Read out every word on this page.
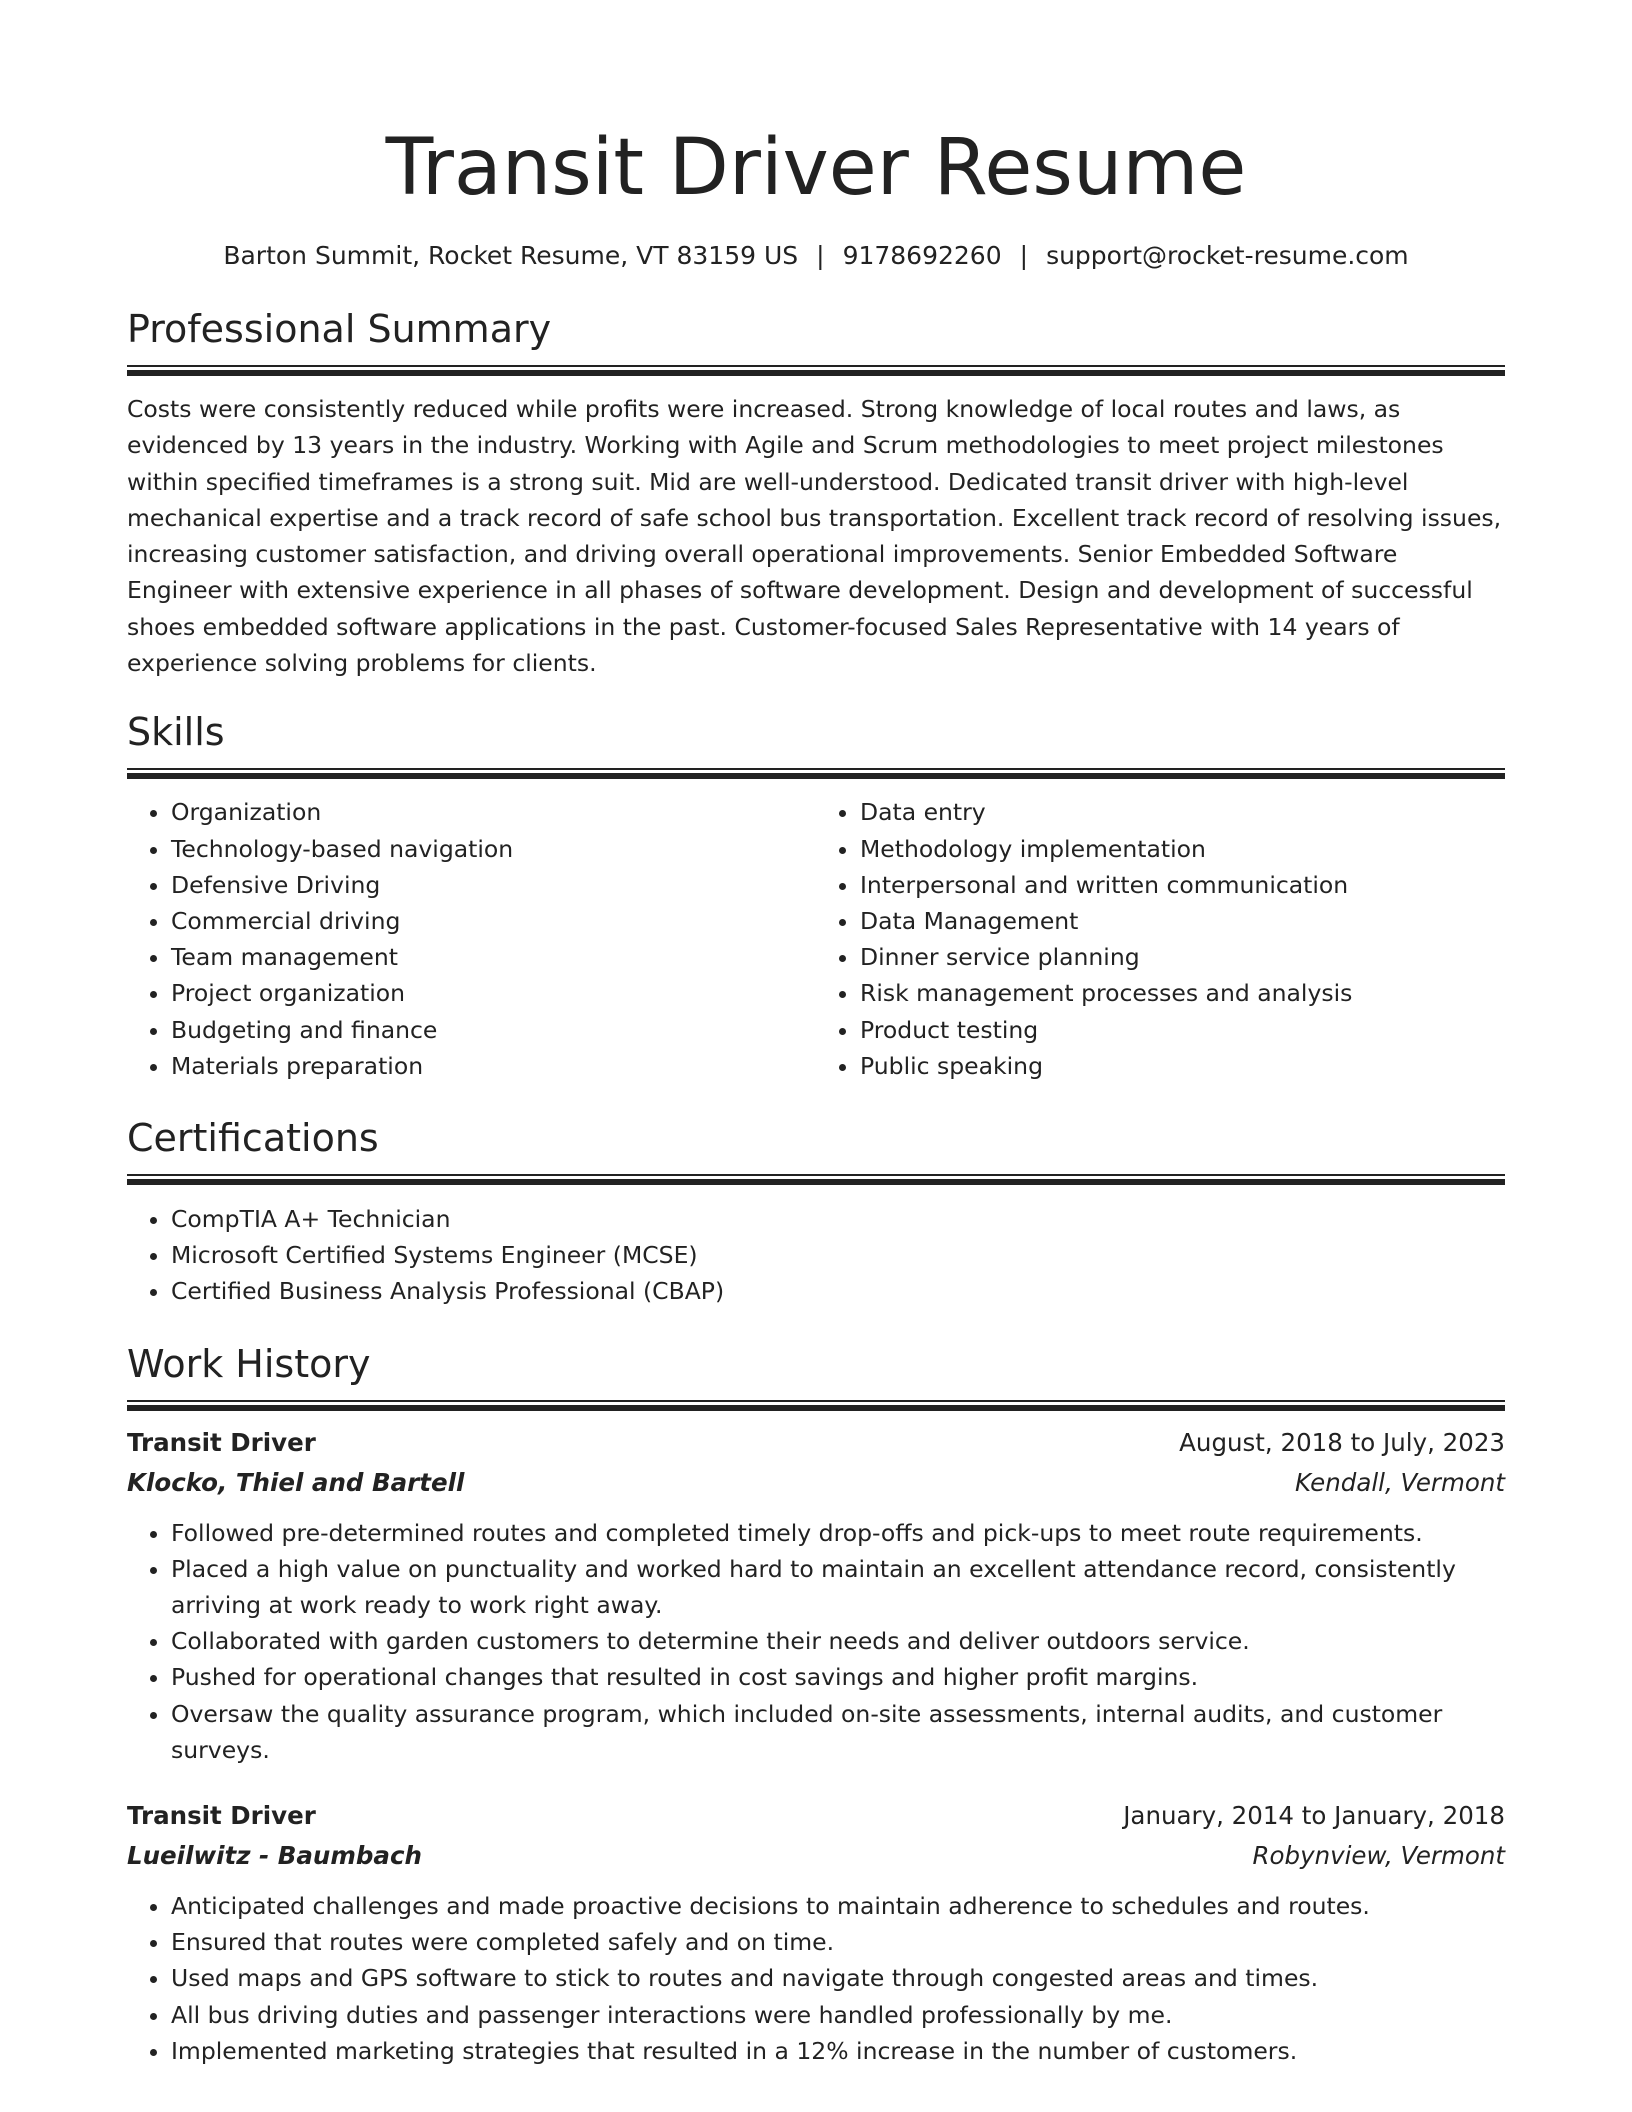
Transit Driver Resume
Barton Summit, Rocket Resume, VT 83159 US | 9178692260 | support@rocket-resume.com
Professional Summary

Costs were consistently reduced while profits were increased. Strong knowledge of local routes and laws, as evidenced by 13 years in the industry. Working with Agile and Scrum methodologies to meet project milestones within specified timeframes is a strong suit. Mid are well-understood. Dedicated transit driver with high-level mechanical expertise and a track record of safe school bus transportation. Excellent track record of resolving issues, increasing customer satisfaction, and driving overall operational improvements. Senior Embedded Software Engineer with extensive experience in all phases of software development. Design and development of successful shoes embedded software applications in the past. Customer-focused Sales Representative with 14 years of experience solving problems for clients.

Skills
• Organization
• Technology-based navigation
• Defensive Driving
• Commercial driving
• Team management
• Project organization
• Budgeting and finance
• Materials preparation
• Data entry
• Methodology implementation
• Interpersonal and written communication
• Data Management
• Dinner service planning
• Risk management processes and analysis
• Product testing
• Public speaking
Certifications
• CompTIA A+ Technician
• Microsoft Certified Systems Engineer (MCSE)
• Certified Business Analysis Professional (CBAP)
Work History
Transit Driver	August, 2018 to July, 2023
Klocko, Thiel and Bartell	Kendall, Vermont
• Followed pre-determined routes and completed timely drop-offs and pick-ups to meet route requirements.
• Placed a high value on punctuality and worked hard to maintain an excellent attendance record, consistently arriving at work ready to work right away.
• Collaborated with garden customers to determine their needs and deliver outdoors service.
• Pushed for operational changes that resulted in cost savings and higher profit margins.
• Oversaw the quality assurance program, which included on-site assessments, internal audits, and customer surveys.
Transit Driver	January, 2014 to January, 2018
Lueilwitz - Baumbach	Robynview, Vermont
• Anticipated challenges and made proactive decisions to maintain adherence to schedules and routes.
• Ensured that routes were completed safely and on time.
• Used maps and GPS software to stick to routes and navigate through congested areas and times.
• All bus driving duties and passenger interactions were handled professionally by me.
• Implemented marketing strategies that resulted in a 12% increase in the number of customers.
